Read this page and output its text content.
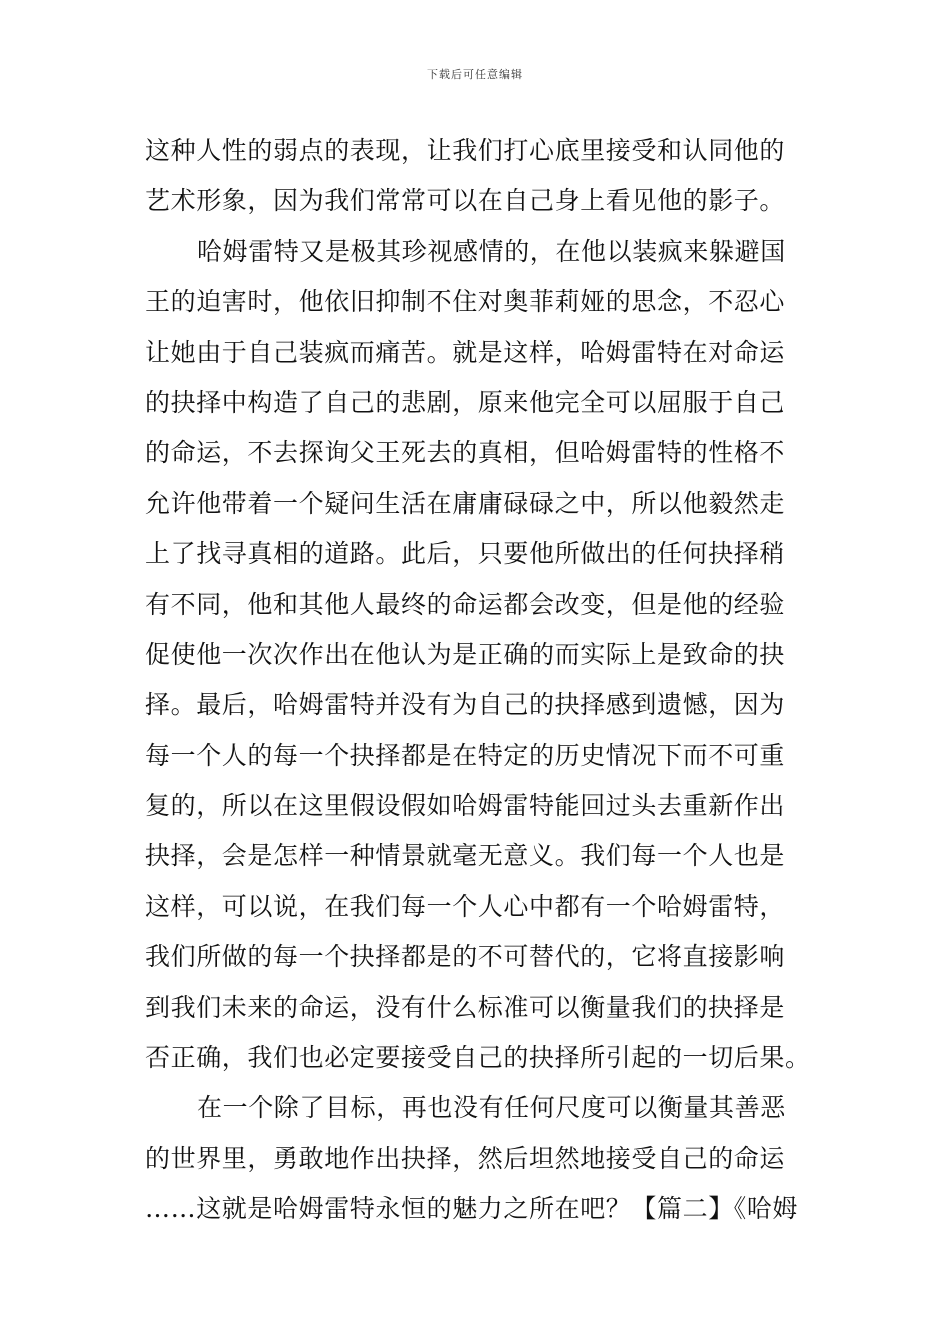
下载后可任意编辑
这种人性的弱点的表现，让我们打心底里接受和认同他的
艺术形象，因为我们常常可以在自己身上看见他的影子。
哈姆雷特又是极其珍视感情的，在他以装疯来躲避国
王的迫害时，他依旧抑制不住对奥菲莉娅的思念，不忍心
让她由于自己装疯而痛苦。就是这样，哈姆雷特在对命运
的抉择中构造了自己的悲剧，原来他完全可以屈服于自己
的命运，不去探询父王死去的真相，但哈姆雷特的性格不
允许他带着一个疑问生活在庸庸碌碌之中，所以他毅然走
上了找寻真相的道路。此后，只要他所做出的任何抉择稍
有不同，他和其他人最终的命运都会改变，但是他的经验
促使他一次次作出在他认为是正确的而实际上是致命的抉
择。最后，哈姆雷特并没有为自己的抉择感到遗憾，因为
每一个人的每一个抉择都是在特定的历史情况下而不可重
复的，所以在这里假设假如哈姆雷特能回过头去重新作出
抉择，会是怎样一种情景就毫无意义。我们每一个人也是
这样，可以说，在我们每一个人心中都有一个哈姆雷特，
我们所做的每一个抉择都是的不可替代的，它将直接影响
到我们未来的命运，没有什么标准可以衡量我们的抉择是
否正确，我们也必定要接受自己的抉择所引起的一切后果。
在一个除了目标，再也没有任何尺度可以衡量其善恶
的世界里，勇敢地作出抉择，然后坦然地接受自己的命运
……这就是哈姆雷特永恒的魅力之所在吧？【篇二】《哈姆
